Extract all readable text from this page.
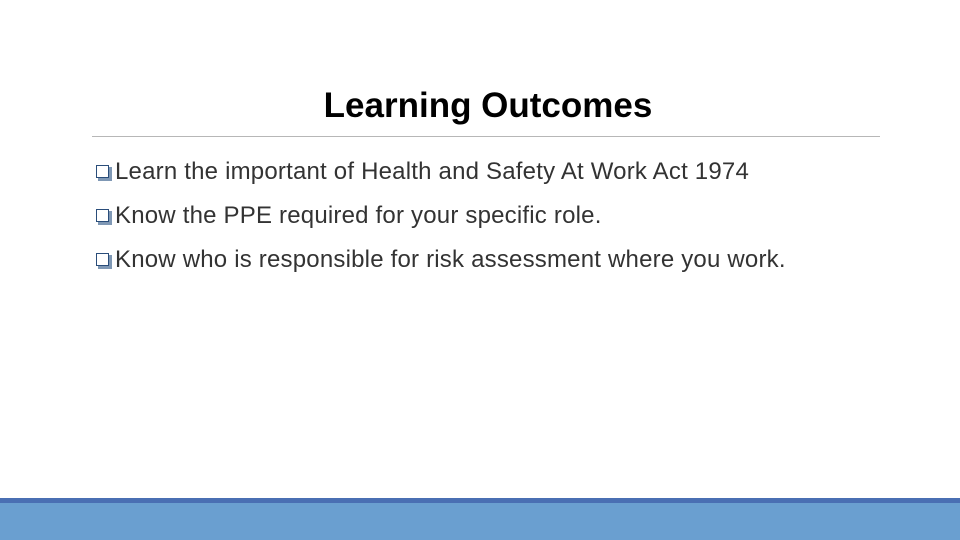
Learning Outcomes
Learn the important of Health and Safety At Work Act 1974
Know the PPE required for your specific role.
Know who is responsible for risk assessment where you work.
